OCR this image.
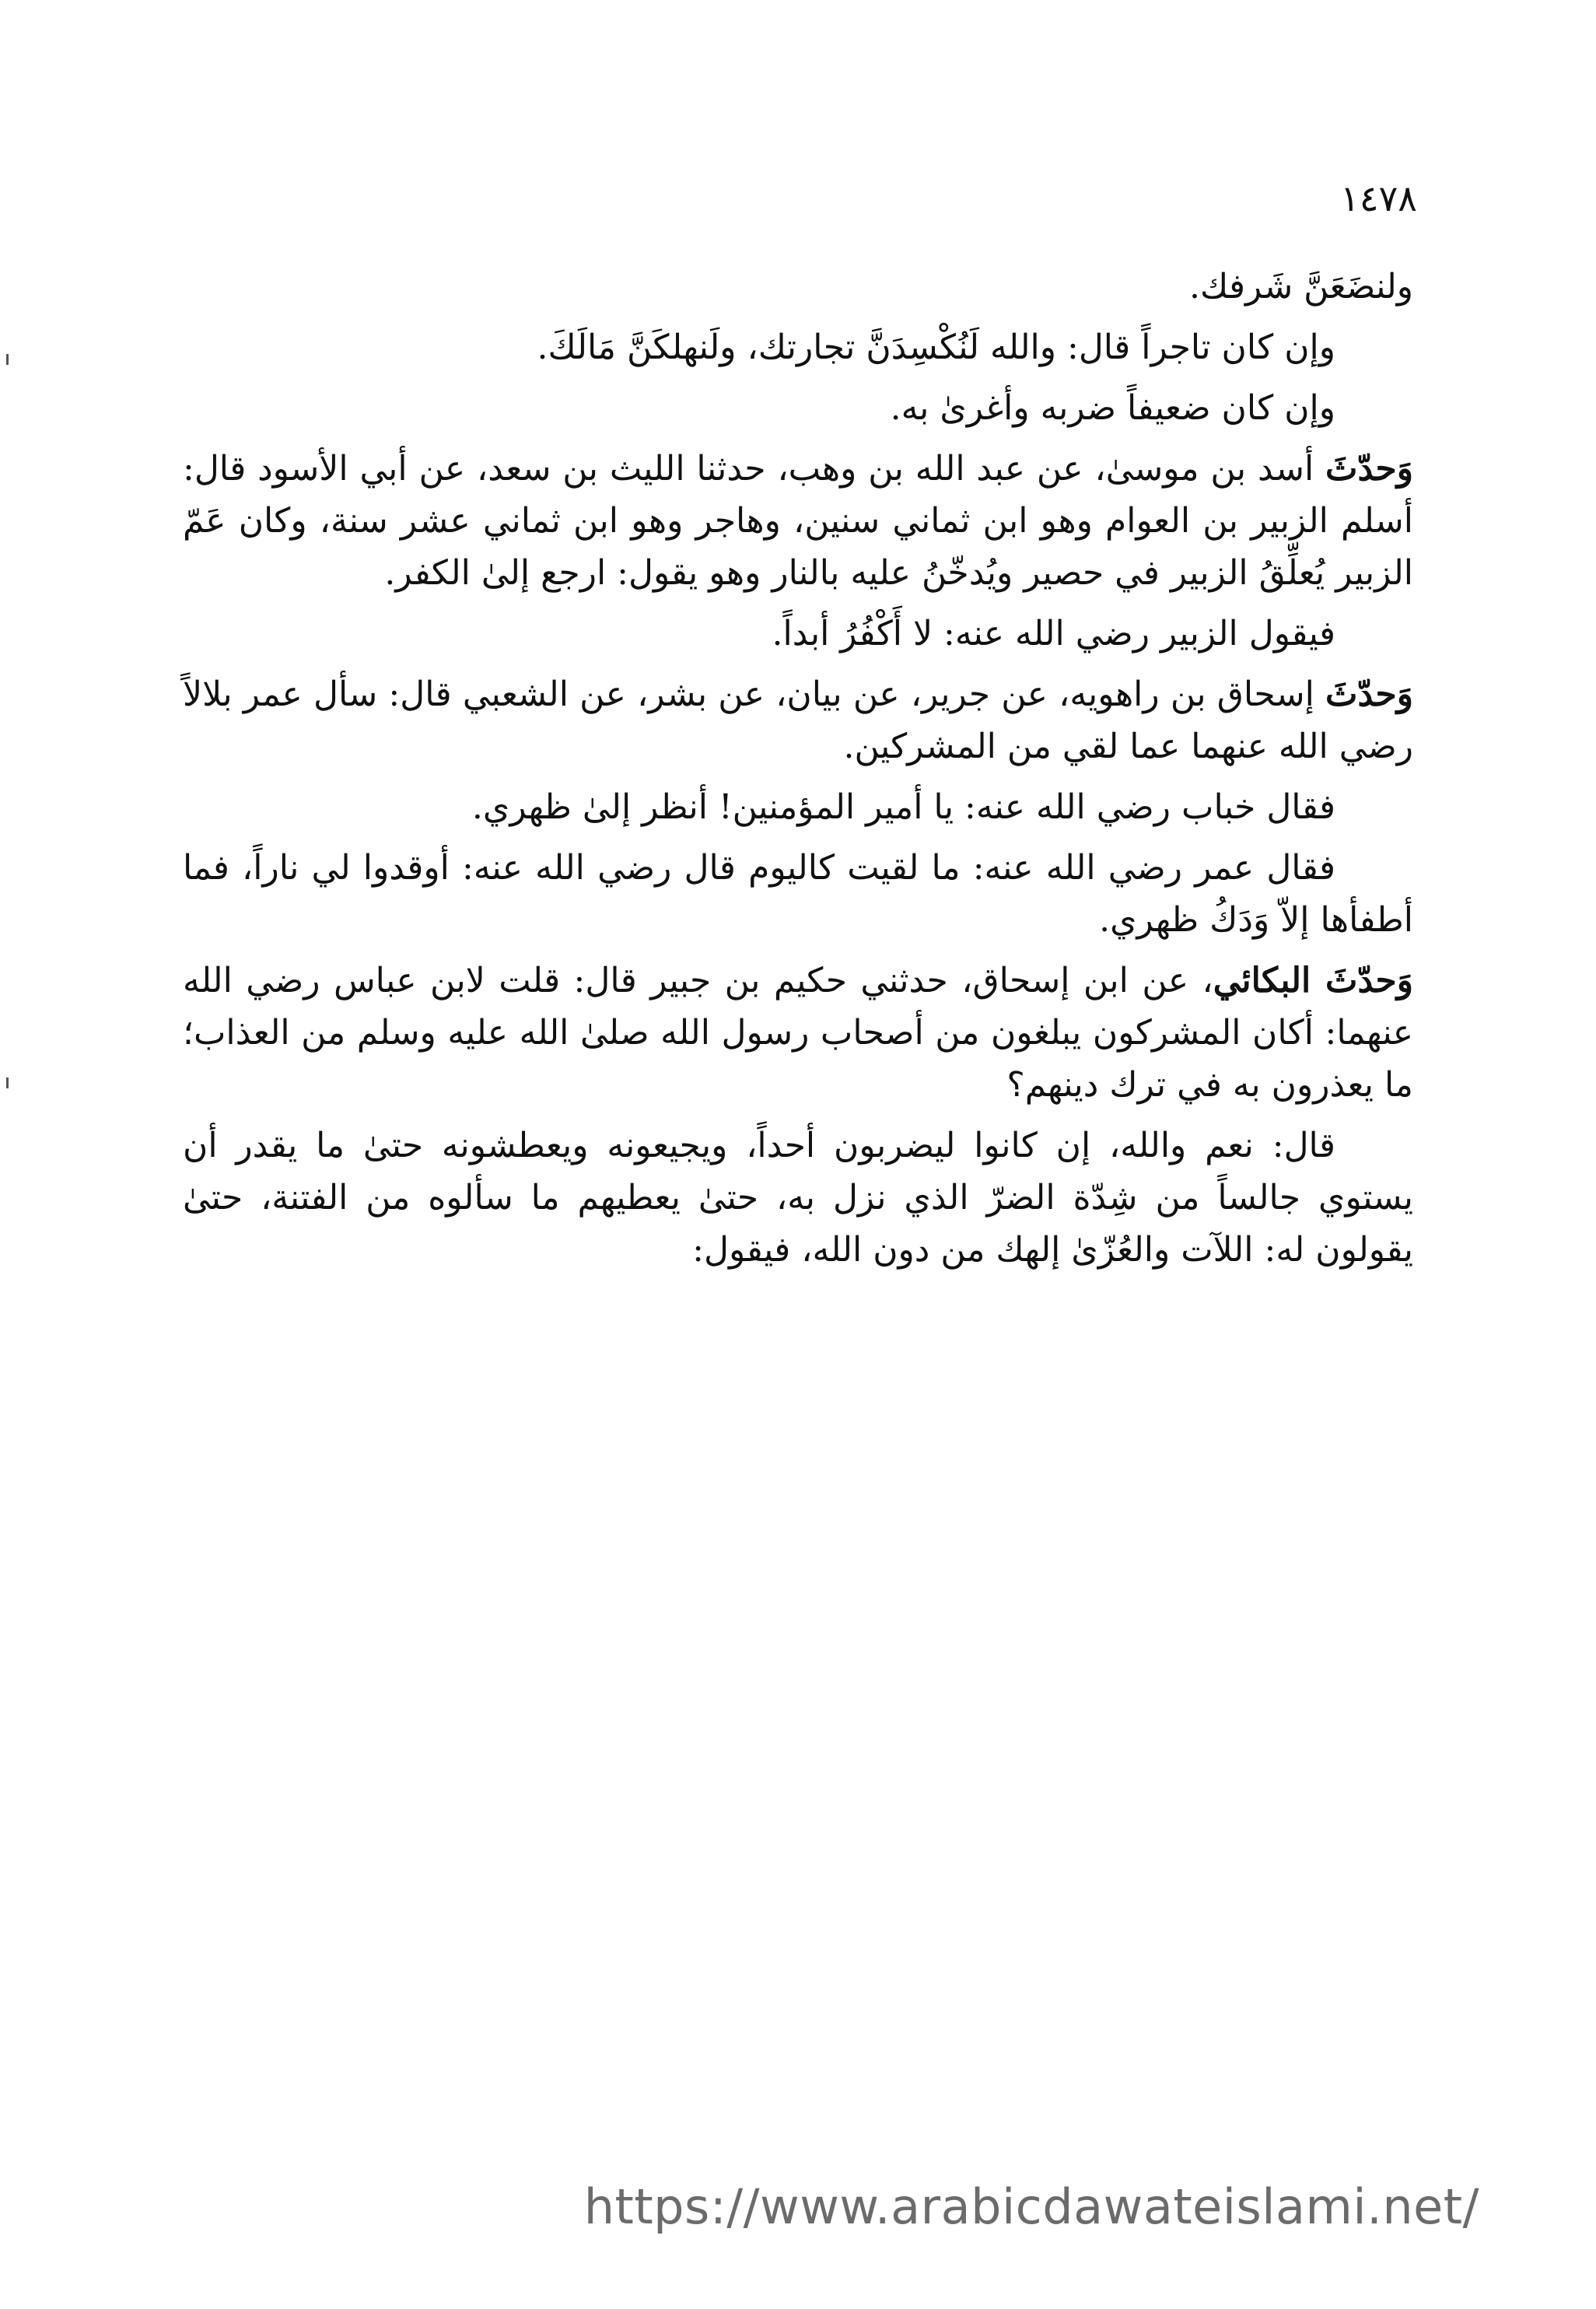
١٤٧٨

ولنضَعَنَّ شَرفك.

وإن كان تاجراً قال: والله لَنُكْسِدَنَّ تجارتك، ولَنهلكَنَّ مَالَكَ.

وإن كان ضعيفاً ضربه وأغرىٰ به.

وَحدّثَ أسد بن موسىٰ، عن عبد الله بن وهب، حدثنا الليث بن سعد، عن أبي الأسود قال: أسلم الزبير بن العوام وهو ابن ثماني سنين، وهاجر وهو ابن ثماني عشر سنة، وكان عَمّ الزبير يُعلِّقُ الزبير في حصير ويُدخّنُ عليه بالنار وهو يقول: ارجع إلىٰ الكفر.

فيقول الزبير رضي الله عنه: لا أَكْفُرُ أبداً.

وَحدّثَ إسحاق بن راهويه، عن جرير، عن بيان، عن بشر، عن الشعبي قال: سأل عمر بلالاً رضي الله عنهما عما لقي من المشركين.

فقال خباب رضي الله عنه: يا أمير المؤمنين! أنظر إلىٰ ظهري.

فقال عمر رضي الله عنه: ما لقيت كاليوم قال رضي الله عنه: أوقدوا لي ناراً، فما أطفأها إلاّ وَدَكُ ظهري.

وَحدّثَ البكائي، عن ابن إسحاق، حدثني حكيم بن جبير قال: قلت لابن عباس رضي الله عنهما: أكان المشركون يبلغون من أصحاب رسول الله صلىٰ الله عليه وسلم من العذاب؛ ما يعذرون به في ترك دينهم؟

قال: نعم والله، إن كانوا ليضربون أحداً، ويجيعونه ويعطشونه حتىٰ ما يقدر أن يستوي جالساً من شِدّة الضرّ الذي نزل به، حتىٰ يعطيهم ما سألوه من الفتنة، حتىٰ يقولون له: اللآت والعُزّىٰ إلهك من دون الله، فيقول:

https://www.arabicdawateislami.net/
